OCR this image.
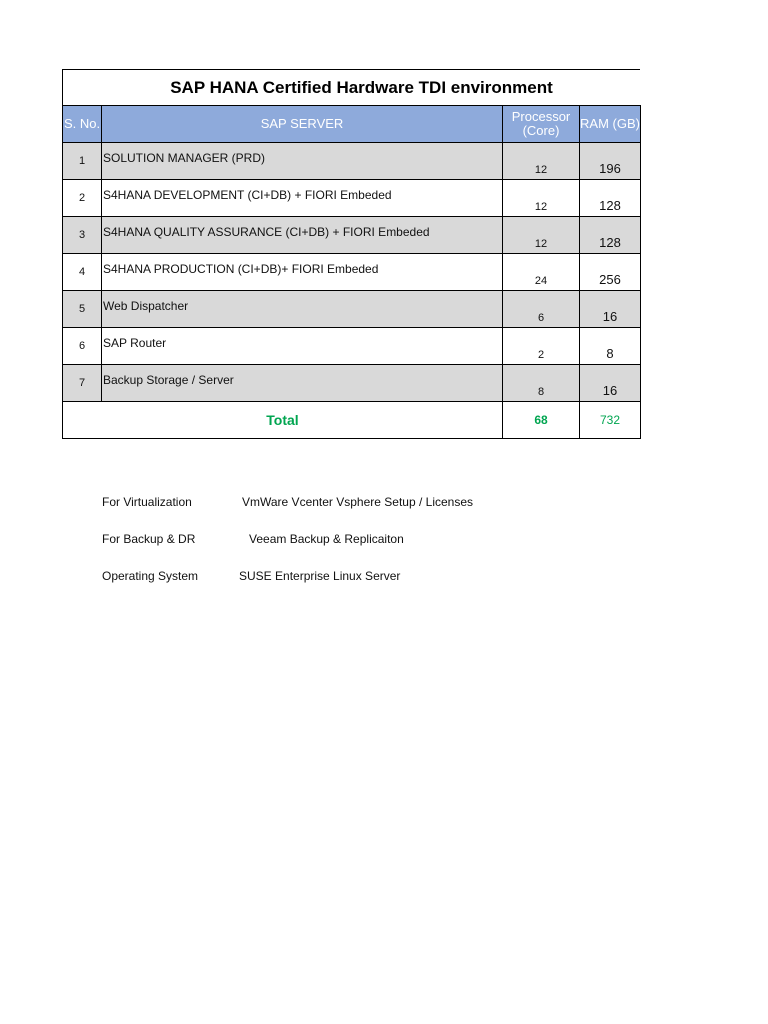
SAP HANA Certified Hardware TDI environment
S. No.	SAP SERVER	Processor (Core)	RAM (GB)
1	SOLUTION MANAGER (PRD)	12	196
2	S4HANA DEVELOPMENT (CI+DB) + FIORI Embeded	12	128
3	S4HANA QUALITY ASSURANCE (CI+DB) + FIORI Embeded	12	128
4	S4HANA PRODUCTION (CI+DB)+ FIORI Embeded	24	256
5	Web Dispatcher	6	16
6	SAP Router	2	8
7	Backup Storage / Server	8	16
Total		68	732
For Virtualization	VmWare Vcenter Vsphere Setup / Licenses
For Backup & DR	Veeam Backup & Replicaiton
Operating System	SUSE Enterprise Linux Server
